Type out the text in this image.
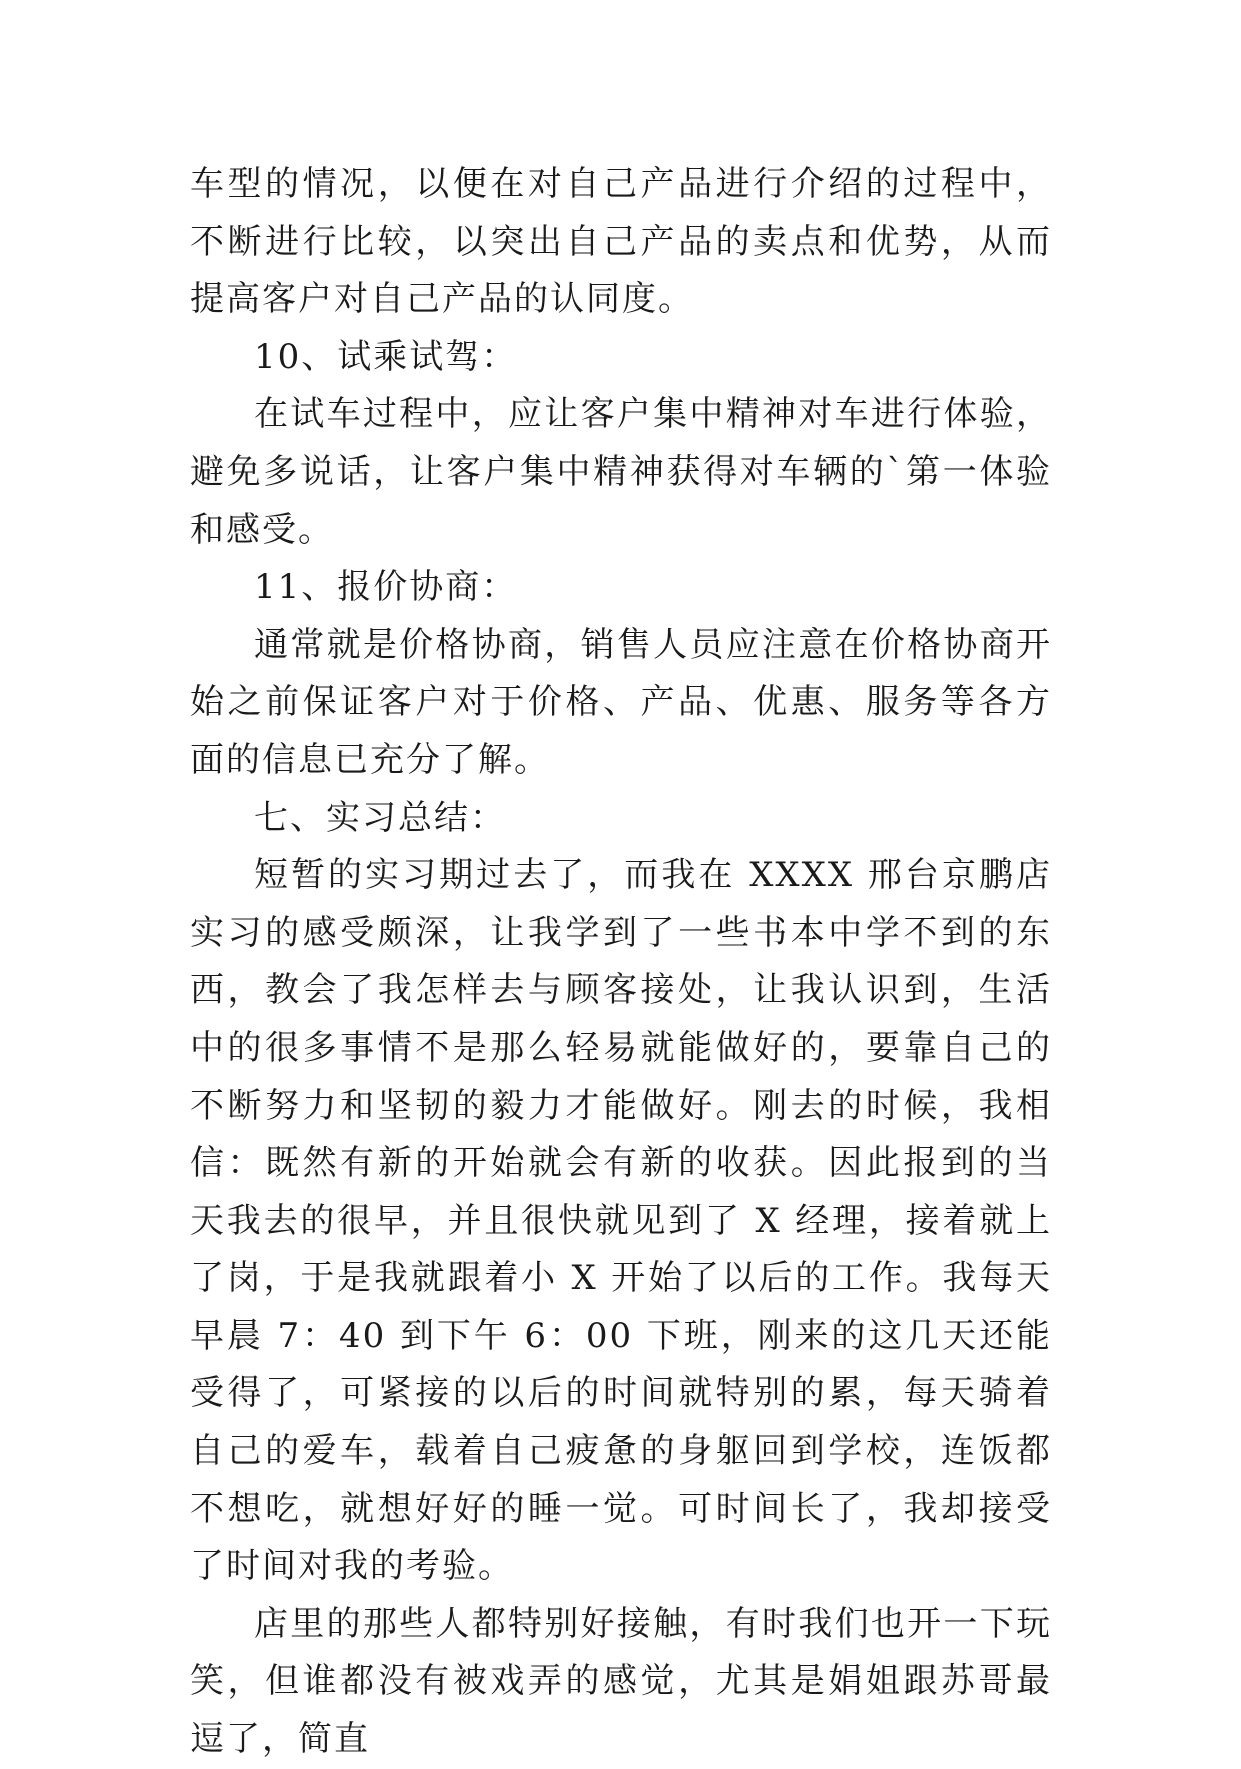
车型的情况，以便在对自己产品进行介绍的过程中，不断进行比较，以突出自己产品的卖点和优势，从而提高客户对自己产品的认同度。

10、试乘试驾：

在试车过程中，应让客户集中精神对车进行体验，避免多说话，让客户集中精神获得对车辆的`第一体验和感受。

11、报价协商：

通常就是价格协商，销售人员应注意在价格协商开始之前保证客户对于价格、产品、优惠、服务等各方面的信息已充分了解。

七、实习总结：

短暂的实习期过去了，而我在 XXXX 邢台京鹏店实习的感受颇深，让我学到了一些书本中学不到的东西，教会了我怎样去与顾客接处，让我认识到，生活中的很多事情不是那么轻易就能做好的，要靠自己的不断努力和坚韧的毅力才能做好。刚去的时候，我相信：既然有新的开始就会有新的收获。因此报到的当天我去的很早，并且很快就见到了 X 经理，接着就上了岗，于是我就跟着小 X 开始了以后的工作。我每天早晨 7：40 到下午 6：00 下班，刚来的这几天还能受得了，可紧接的以后的时间就特别的累，每天骑着自己的爱车，载着自己疲惫的身躯回到学校，连饭都不想吃，就想好好的睡一觉。可时间长了，我却接受了时间对我的考验。

店里的那些人都特别好接触，有时我们也开一下玩笑，但谁都没有被戏弄的感觉，尤其是娟姐跟苏哥最逗了，简直
